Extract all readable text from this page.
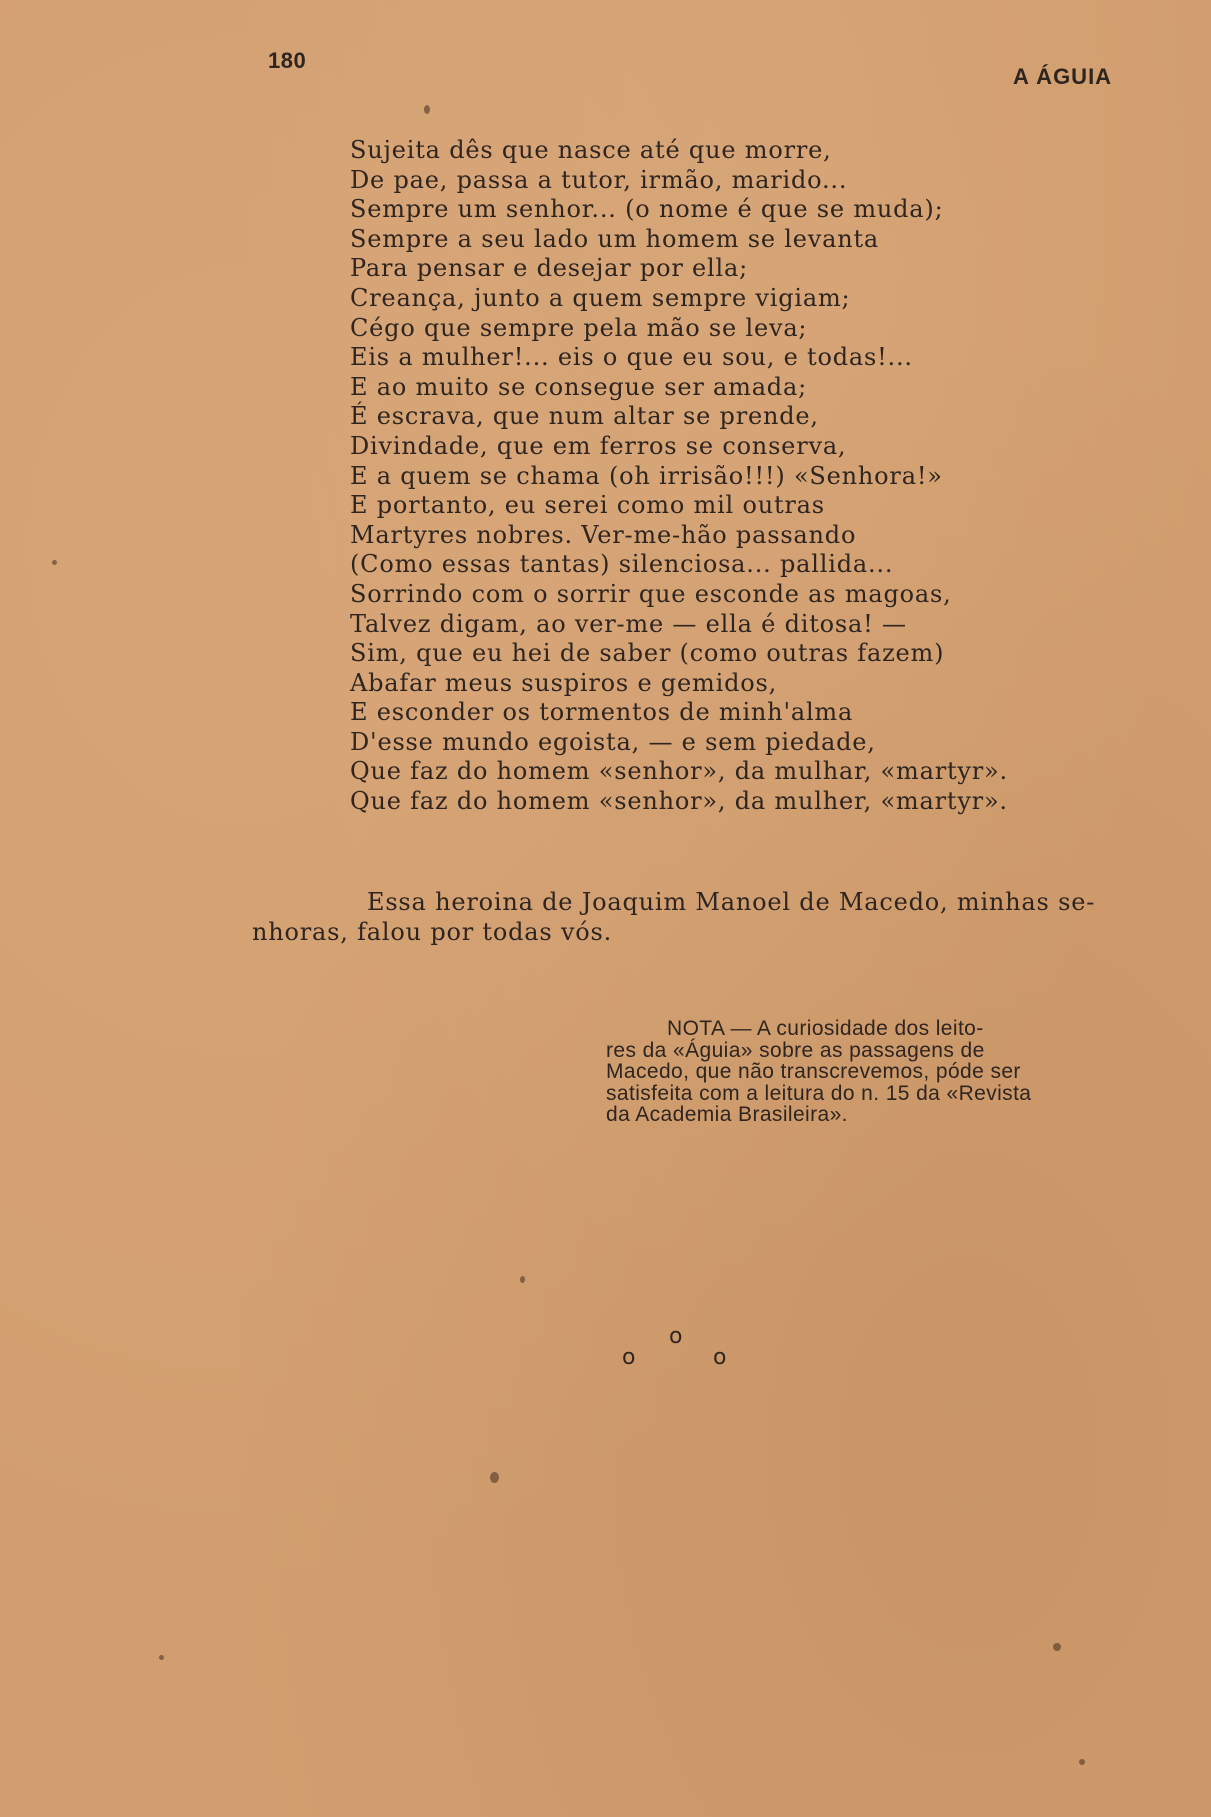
180
A ÁGUIA
Sujeita dês que nasce até que morre,
De pae, passa a tutor, irmão, marido...
Sempre um senhor... (o nome é que se muda);
Sempre a seu lado um homem se levanta
Para pensar e desejar por ella;
Creança, junto a quem sempre vigiam;
Cégo que sempre pela mão se leva;
Eis a mulher!... eis o que eu sou, e todas!...
E ao muito se consegue ser amada;
É escrava, que num altar se prende,
Divindade, que em ferros se conserva,
E a quem se chama (oh irrisão!!!) «Senhora!»
E portanto, eu serei como mil outras
Martyres nobres. Ver-me-hão passando
(Como essas tantas) silenciosa... pallida...
Sorrindo com o sorrir que esconde as magoas,
Talvez digam, ao ver-me — ella é ditosa! —
Sim, que eu hei de saber (como outras fazem)
Abafar meus suspiros e gemidos,
E esconder os tormentos de minh'alma
D'esse mundo egoista, — e sem piedade,
Que faz do homem «senhor», da mulhar, «martyr».
Que faz do homem «senhor», da mulher, «martyr».
Essa heroina de Joaquim Manoel de Macedo, minhas se-
nhoras, falou por todas vós.
NOTA — A curiosidade dos leito-
res da «Águia» sobre as passagens de
Macedo, que não transcrevemos, póde ser
satisfeita com a leitura do n. 15 da «Revista
da Academia Brasileira».
o
o	o
